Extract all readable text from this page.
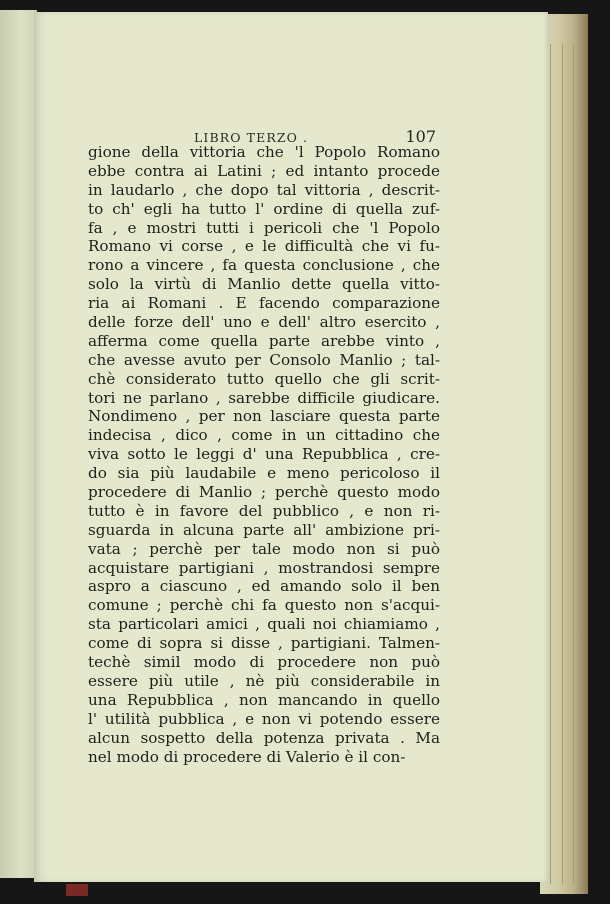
LIBRO TERZO .	107
gione della vittoria che 'l Popolo Romano
ebbe contra ai Latini ; ed intanto procede
in laudarlo , che dopo tal vittoria , descrit-
to ch' egli ha tutto l' ordine di quella zuf-
fa , e mostri tutti i pericoli che 'l Popolo
Romano vi corse , e le difficultà che vi fu-
rono a vincere , fa questa conclusione , che
solo la virtù di Manlio dette quella vitto-
ria ai Romani . E facendo comparazione
delle forze dell' uno e dell' altro esercito ,
afferma come quella parte arebbe vinto ,
che avesse avuto per Consolo Manlio ; tal-
chè considerato tutto quello che gli scrit-
tori ne parlano , sarebbe difficile giudicare.
Nondimeno , per non lasciare questa parte
indecisa , dico , come in un cittadino che
viva sotto le leggi d' una Repubblica , cre-
do sia più laudabile e meno pericoloso il
procedere di Manlio ; perchè questo modo
tutto è in favore del pubblico , e non ri-
sguarda in alcuna parte all' ambizione pri-
vata ; perchè per tale modo non si può
acquistare partigiani , mostrandosi sempre
aspro a ciascuno , ed amando solo il ben
comune ; perchè chi fa questo non s'acqui-
sta particolari amici , quali noi chiamiamo ,
come di sopra si disse , partigiani. Talmen-
techè simil modo di procedere non può
essere più utile , nè più considerabile in
una Repubblica , non mancando in quello
l' utilità pubblica , e non vi potendo essere
alcun sospetto della potenza privata . Ma
nel modo di procedere di Valerio è il con-
